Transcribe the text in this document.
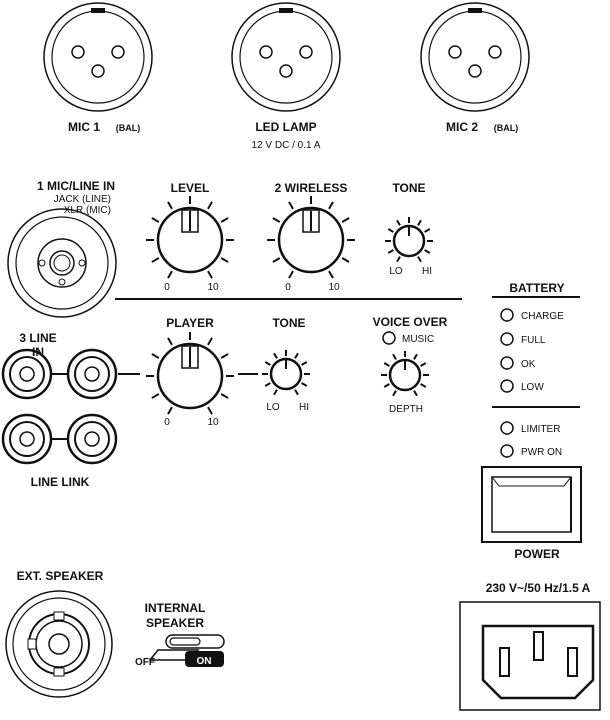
MIC 1 (BAL)	LED LAMP
12 V DC / 0.1 A
MIC 2 (BAL)
1 MIC/LINE IN
JACK (LINE)
XLR (MIC)
LEVEL
0	10
2 WIRELESS
0	10
TONE
LO HI
3 LINE
IN
LINE LINK
PLAYER
0	10
TONE
LO HI
VOICE OVER
MUSIC
DEPTH
BATTERY
CHARGE
FULL
OK
LOW
LIMITER
PWR ON
POWER
EXT. SPEAKER
INTERNAL
SPEAKER
OFF	ON
230 V~/50 Hz/1.5 A
